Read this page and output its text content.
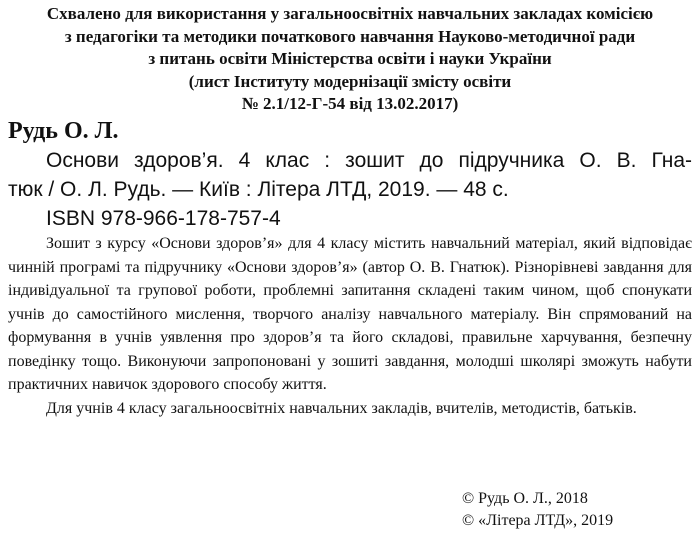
Схвалено для використання у загальноосвітніх навчальних закладах комісією
з педагогіки та методики початкового навчання Науково-методичної ради
з питань освіти Міністерства освіти і науки України
(лист Інституту модернізації змісту освіти
№ 2.1/12-Г-54 від 13.02.2017)
Рудь О. Л.
Основи здоров’я. 4 клас : зошит до підручника О. В. Гна-
тюк / О. Л. Рудь. — Київ : Літера ЛТД, 2019. — 48 с.
ISBN 978-966-178-757-4

Зошит з курсу «Основи здоров’я» для 4 класу містить навчальний матеріал, який відповідає чинній програмі та підручнику «Основи здоров’я» (автор О. В. Гнатюк). Різнорівневі завдання для індивідуальної та групової роботи, проблемні запитання складені таким чином, щоб спонукати учнів до самостійного мислення, творчого аналізу навчального матеріалу. Він спрямований на формування в учнів уявлення про здоров’я та його складові, правильне харчування, безпечну поведінку тощо. Виконуючи запропоновані у зошиті завдання, молодші школярі зможуть набути практичних навичок здорового способу життя.

Для учнів 4 класу загальноосвітніх навчальних закладів, вчителів, методистів, батьків.

© Рудь О. Л., 2018
© «Літера ЛТД», 2019
